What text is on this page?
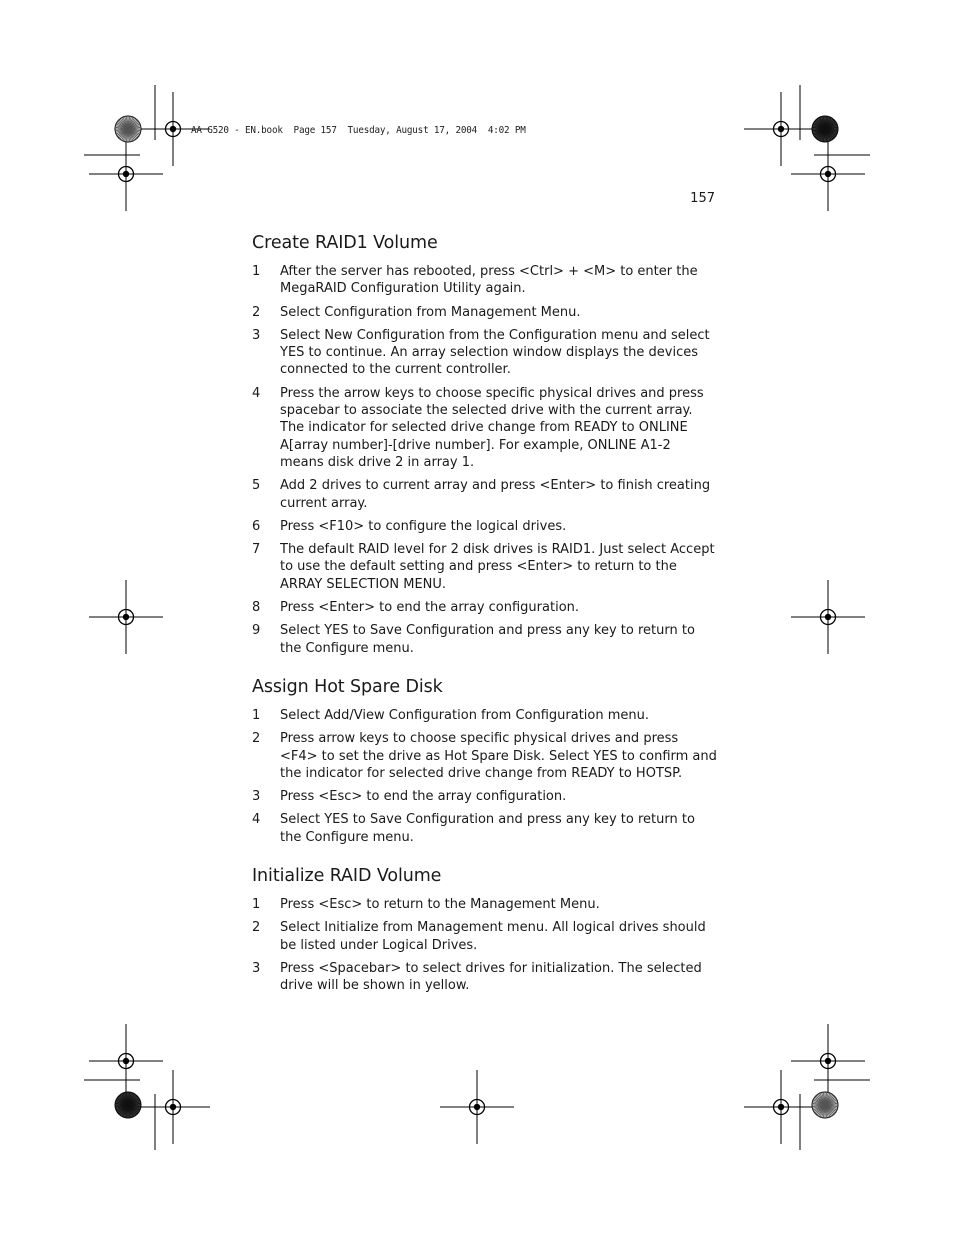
AA G520 - EN.book  Page 157  Tuesday, August 17, 2004  4:02 PM
157
Create RAID1 Volume
1	After the server has rebooted, press <Ctrl> + <M> to enter the MegaRAID Configuration Utility again.
2	Select Configuration from Management Menu.
3	Select New Configuration from the Configuration menu and select YES to continue. An array selection window displays the devices connected to the current controller.
4	Press the arrow keys to choose specific physical drives and press spacebar to associate the selected drive with the current array. The indicator for selected drive change from READY to ONLINE A[array number]-[drive number]. For example, ONLINE A1-2 means disk drive 2 in array 1.
5	Add 2 drives to current array and press <Enter> to finish creating current array.
6	Press <F10> to configure the logical drives.
7	The default RAID level for 2 disk drives is RAID1. Just select Accept to use the default setting and press <Enter> to return to the ARRAY SELECTION MENU.
8	Press <Enter> to end the array configuration.
9	Select YES to Save Configuration and press any key to return to the Configure menu.
Assign Hot Spare Disk
1	Select Add/View Configuration from Configuration menu.
2	Press arrow keys to choose specific physical drives and press <F4> to set the drive as Hot Spare Disk. Select YES to confirm and the indicator for selected drive change from READY to HOTSP.
3	Press <Esc> to end the array configuration.
4	Select YES to Save Configuration and press any key to return to the Configure menu.
Initialize RAID Volume
1	Press <Esc> to return to the Management Menu.
2	Select Initialize from Management menu. All logical drives should be listed under Logical Drives.
3	Press <Spacebar> to select drives for initialization. The selected drive will be shown in yellow.
